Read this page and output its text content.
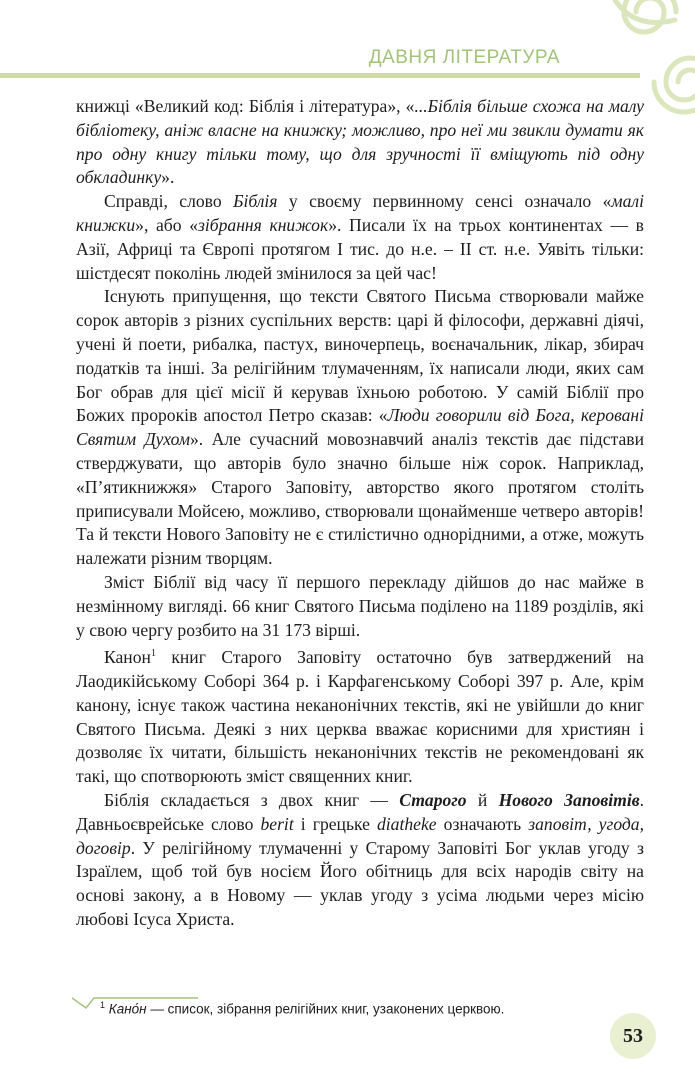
ДАВНЯ ЛІТЕРАТУРА

книжці «Великий код: Біблія і література», «...Біблія більше схожа на малу бібліотеку, аніж власне на книжку; можливо, про неї ми звикли думати як про одну книгу тільки тому, що для зручності її вміщують під одну обкладинку».

Справді, слово Біблія у своєму первинному сенсі означало «малі книжки», або «зібрання книжок». Писали їх на трьох континентах — в Азії, Африці та Європі протягом І тис. до н.е. – ІІ ст. н.е. Уявіть тільки: шістдесят поколінь людей змінилося за цей час!

Існують припущення, що тексти Святого Письма створювали майже сорок авторів з різних суспільних верств: царі й філософи, державні діячі, учені й поети, рибалка, пастух, виночерпець, воєначальник, лікар, збирач податків та інші. За релігійним тлумаченням, їх написали люди, яких сам Бог обрав для цієї місії й керував їхньою роботою. У самій Біблії про Божих пророків апостол Петро сказав: «Люди говорили від Бога, керовані Святим Духом». Але сучасний мовознавчий аналіз текстів дає підстави стверджувати, що авторів було значно більше ніж сорок. Наприклад, «П’ятикнижжя» Старого Заповіту, авторство якого протягом століть приписували Мойсею, можливо, створювали щонайменше четверо авторів! Та й тексти Нового Заповіту не є стилістично однорідними, а отже, можуть належати різним творцям.

Зміст Біблії від часу її першого перекладу дійшов до нас майже в незмінному вигляді. 66 книг Святого Письма поділено на 1189 розділів, які у свою чергу розбито на 31 173 вірші.

Канон$^1$ книг Старого Заповіту остаточно був затверджений на Лаодикійському Соборі 364 р. і Карфагенському Соборі 397 р. Але, крім канону, існує також частина неканонічних текстів, які не увійшли до книг Святого Письма. Деякі з них церква вважає корисними для християн і дозволяє їх читати, більшість неканонічних текстів не рекомендовані як такі, що спотворюють зміст священних книг.

Біблія складається з двох книг — Старого й Нового Заповітів. Давньоєврейське слово berit і грецьке diatheke означають заповіт, угода, договір. У релігійному тлумаченні у Старому Заповіті Бог уклав угоду з Ізраїлем, щоб той був носієм Його обітниць для всіх народів світу на основі закону, а в Новому — уклав угоду з усіма людьми через місію любові Ісуса Христа.

$^1$ Кано́н — список, зібрання релігійних книг, узаконених церквою.
53
